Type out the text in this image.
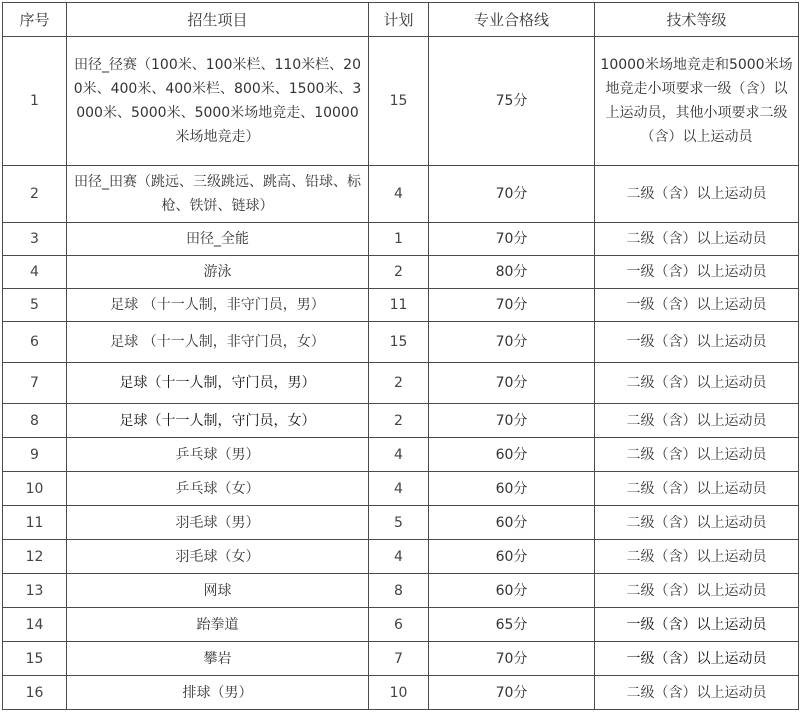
序号	招生项目	计划	专业合格线	技术等级
1	田径_径赛（100米、100米栏、110米栏、200米、400米、400米栏、800米、1500米、3000米、5000米、5000米场地竞走、10000米场地竞走）	15	75分	10000米场地竞走和5000米场地竞走小项要求一级（含）以上运动员，其他小项要求二级（含）以上运动员
2	田径_田赛（跳远、三级跳远、跳高、铅球、标枪、铁饼、链球）	4	70分	二级（含）以上运动员
3	田径_全能	1	70分	二级（含）以上运动员
4	游泳	2	80分	一级（含）以上运动员
5	足球 （十一人制，非守门员，男）	11	70分	一级（含）以上运动员
6	足球 （十一人制，非守门员，女）	15	70分	一级（含）以上运动员
7	足球（十一人制，守门员，男）	2	70分	二级（含）以上运动员
8	足球（十一人制，守门员，女）	2	70分	二级（含）以上运动员
9	乒乓球（男）	4	60分	二级（含）以上运动员
10	乒乓球（女）	4	60分	二级（含）以上运动员
11	羽毛球（男）	5	60分	二级（含）以上运动员
12	羽毛球（女）	4	60分	二级（含）以上运动员
13	网球	8	60分	二级（含）以上运动员
14	跆拳道	6	65分	一级（含）以上运动员
15	攀岩	7	70分	一级（含）以上运动员
16	排球（男）	10	70分	二级（含）以上运动员
